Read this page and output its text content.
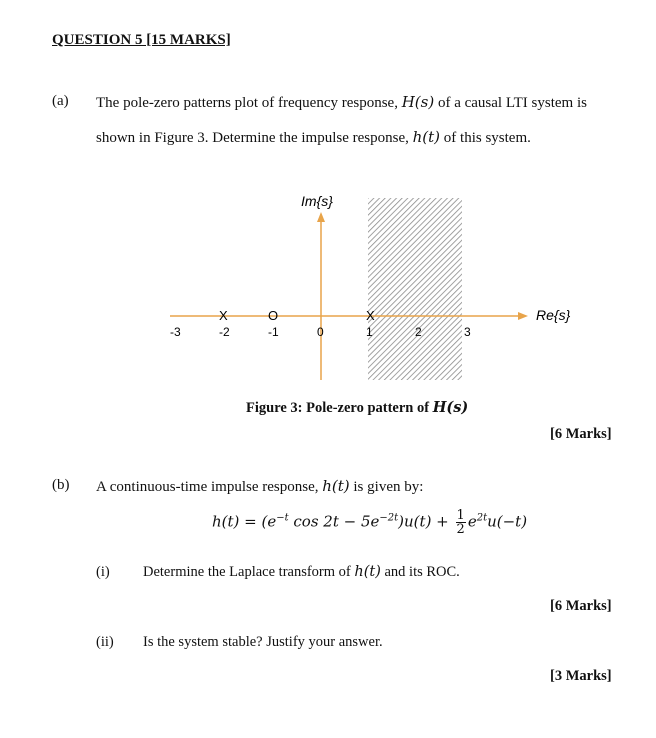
QUESTION 5 [15 MARKS]
(a) The pole-zero patterns plot of frequency response, H(s) of a causal LTI system is
shown in Figure 3. Determine the impulse response, h(t) of this system.
Im{s}
Re{s}
-3	-2	-1	0	1	2	3
X	X
O
Figure 3: Pole-zero pattern of H(s)
[6 Marks]
(b) A continuous-time impulse response, h(t) is given by:
$h(t) = (e^{-t}$ $\cos 2t - 5e^{-2t})u(t) + \frac{1}{2} e^{2t}u(-t)$
(i) Determine the Laplace transform of h(t) and its ROC.
[6 Marks]
(ii) Is the system stable? Justify your answer.
[3 Marks]
